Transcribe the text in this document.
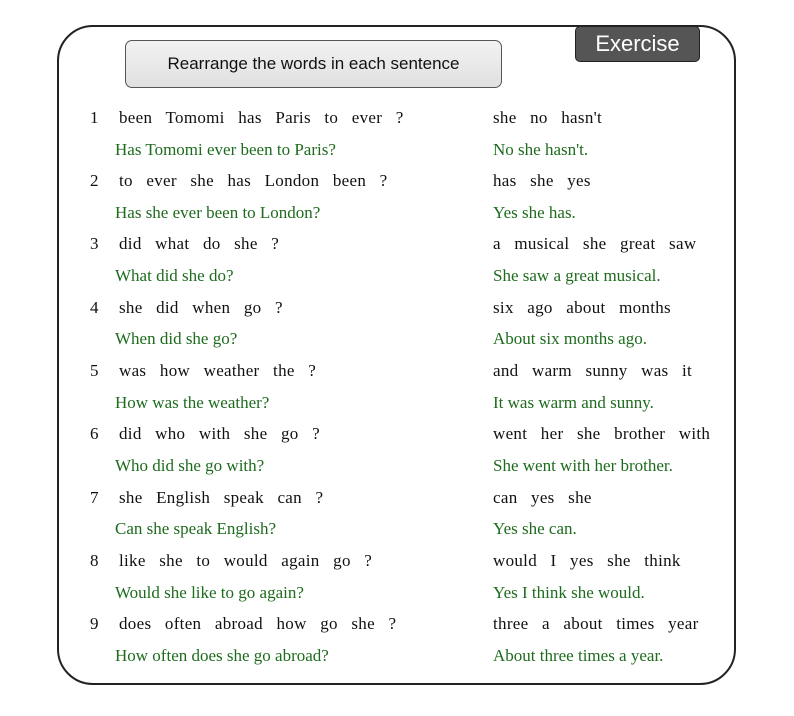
Rearrange the words in each sentence
Exercise
1 been Tomomi has Paris to ever ?	she no hasn't
Has Tomomi ever been to Paris?	No she hasn't.
2 to ever she has London been ?	has she yes
Has she ever been to London?	Yes she has.
3 did what do she ?	a musical she great saw
What did she do?	She saw a great musical.
4 she did when go ?	six ago about months
When did she go?	About six months ago.
5 was how weather the ?	and warm sunny was it
How was the weather?	It was warm and sunny.
6 did who with she go ?	went her she brother with
Who did she go with?	She went with her brother.
7 she English speak can ?	can yes she
Can she speak English?	Yes she can.
8 like she to would again go ?	would I yes she think
Would she like to go again?	Yes I think she would.
9 does often abroad how go she ?	three a about times year
How often does she go abroad?	About three times a year.
